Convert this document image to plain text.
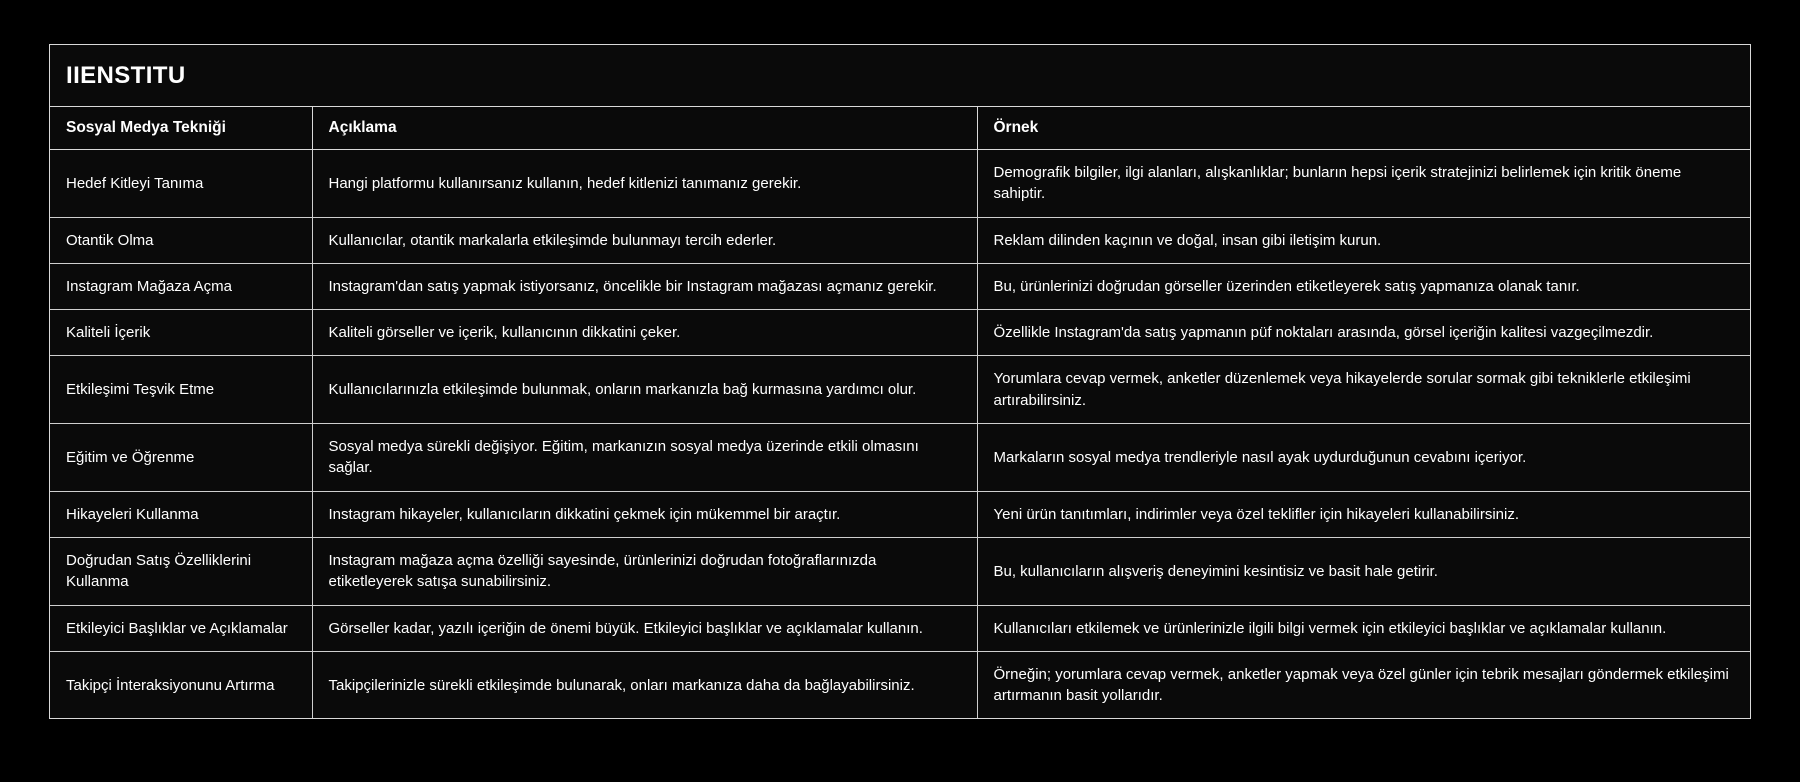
IIENSTITU
Sosyal Medya Tekniği	Açıklama	Örnek
Hedef Kitleyi Tanıma	Hangi platformu kullanırsanız kullanın, hedef kitlenizi tanımanız gerekir.	Demografik bilgiler, ilgi alanları, alışkanlıklar; bunların hepsi içerik stratejinizi belirlemek için kritik öneme sahiptir.
Otantik Olma	Kullanıcılar, otantik markalarla etkileşimde bulunmayı tercih ederler.	Reklam dilinden kaçının ve doğal, insan gibi iletişim kurun.
Instagram Mağaza Açma	Instagram'dan satış yapmak istiyorsanız, öncelikle bir Instagram mağazası açmanız gerekir.	Bu, ürünlerinizi doğrudan görseller üzerinden etiketleyerek satış yapmanıza olanak tanır.
Kaliteli İçerik	Kaliteli görseller ve içerik, kullanıcının dikkatini çeker.	Özellikle Instagram'da satış yapmanın püf noktaları arasında, görsel içeriğin kalitesi vazgeçilmezdir.
Etkileşimi Teşvik Etme	Kullanıcılarınızla etkileşimde bulunmak, onların markanızla bağ kurmasına yardımcı olur.	Yorumlara cevap vermek, anketler düzenlemek veya hikayelerde sorular sormak gibi tekniklerle etkileşimi artırabilirsiniz.
Eğitim ve Öğrenme	Sosyal medya sürekli değişiyor. Eğitim, markanızın sosyal medya üzerinde etkili olmasını sağlar.	Markaların sosyal medya trendleriyle nasıl ayak uydurduğunun cevabını içeriyor.
Hikayeleri Kullanma	Instagram hikayeler, kullanıcıların dikkatini çekmek için mükemmel bir araçtır.	Yeni ürün tanıtımları, indirimler veya özel teklifler için hikayeleri kullanabilirsiniz.
Doğrudan Satış Özelliklerini Kullanma	Instagram mağaza açma özelliği sayesinde, ürünlerinizi doğrudan fotoğraflarınızda etiketleyerek satışa sunabilirsiniz.	Bu, kullanıcıların alışveriş deneyimini kesintisiz ve basit hale getirir.
Etkileyici Başlıklar ve Açıklamalar	Görseller kadar, yazılı içeriğin de önemi büyük. Etkileyici başlıklar ve açıklamalar kullanın.	Kullanıcıları etkilemek ve ürünlerinizle ilgili bilgi vermek için etkileyici başlıklar ve açıklamalar kullanın.
Takipçi İnteraksiyonunu Artırma	Takipçilerinizle sürekli etkileşimde bulunarak, onları markanıza daha da bağlayabilirsiniz.	Örneğin; yorumlara cevap vermek, anketler yapmak veya özel günler için tebrik mesajları göndermek etkileşimi artırmanın basit yollarıdır.
